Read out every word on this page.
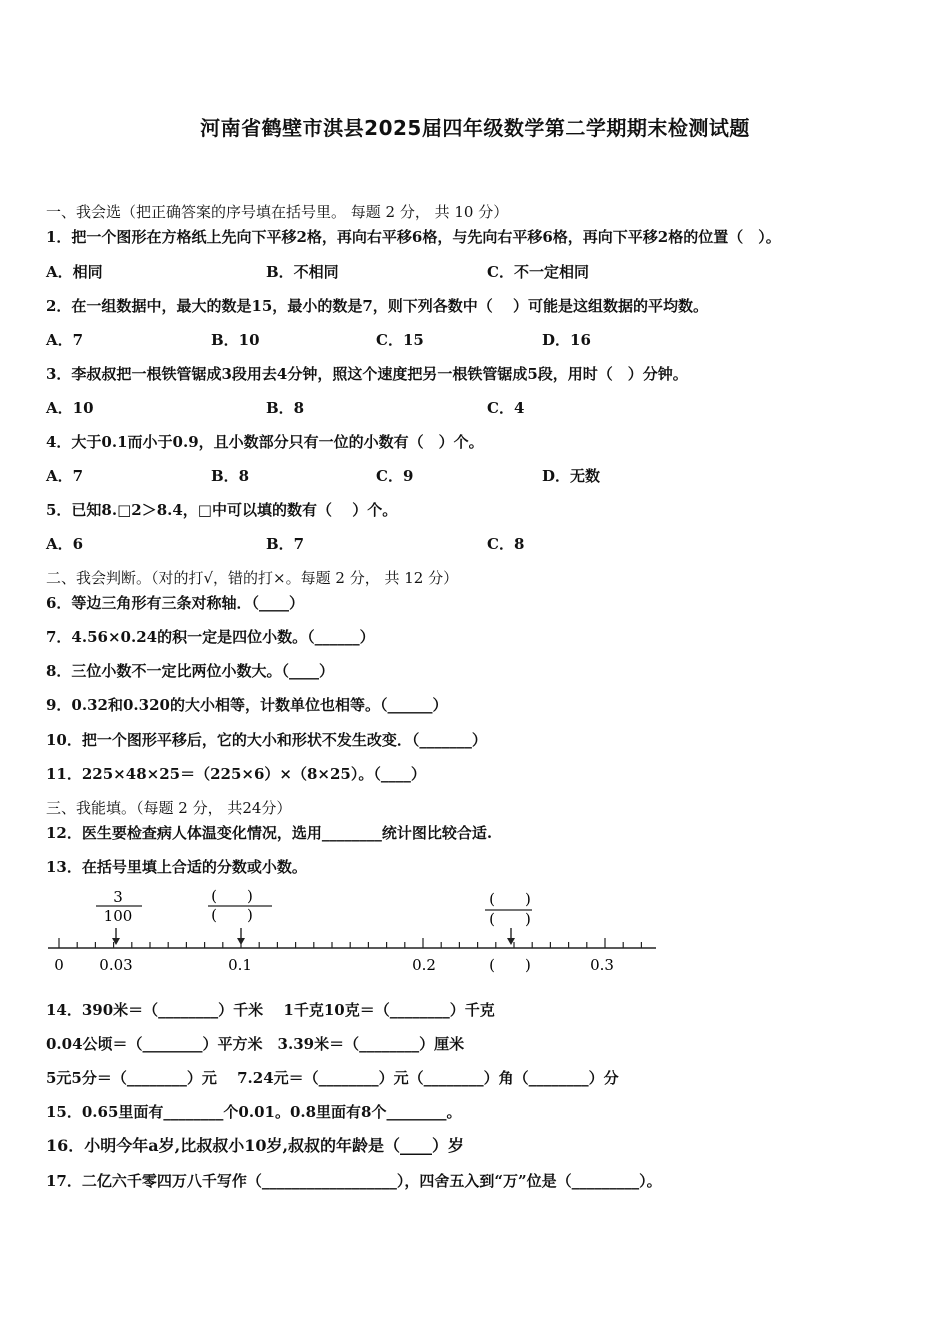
河南省鹤壁市淇县2025届四年级数学第二学期期末检测试题
一、我会选（把正确答案的序号填在括号里。 每题 2 分， 共 10 分）
1．把一个图形在方格纸上先向下平移2格，再向右平移6格，与先向右平移6格，再向下平移2格的位置（　）。
A．相同	B．不相同	C．不一定相同
2．在一组数据中，最大的数是15，最小的数是7，则下列各数中（　 ）可能是这组数据的平均数。
A．7	B．10	C．15	D．16
3．李叔叔把一根铁管锯成3段用去4分钟，照这个速度把另一根铁管锯成5段，用时（　）分钟。
A．10	B．8	C．4
4．大于0.1而小于0.9，且小数部分只有一位的小数有（　）个。
A．7	B．8	C．9	D．无数
5．已知8.□2＞8.4，□中可以填的数有（　 ）个。
A．6	B．7	C．8
二、我会判断。（对的打√，错的打×。每题 2 分， 共 12 分）
6．等边三角形有三条对称轴．（____）
7．4.56×0.24的积一定是四位小数。（______）
8．三位小数不一定比两位小数大。（____）
9．0.32和0.320的大小相等，计数单位也相等。（______）
10．把一个图形平移后，它的大小和形状不发生改变．（_______）
11．225×48×25＝（225×6）×（8×25）。（____）
三、我能填。（每题 2 分， 共24分）
12．医生要检查病人体温变化情况，选用________统计图比较合适.
13．在括号里填上合适的分数或小数。
3
100
(　　)
(　　)
(　　)
(　　)
0 0.03	0.1	0.2	(　　)	0.3
14．390米＝（________）千米　 1千克10克＝（________）千克
0.04公顷＝（________）平方米　3.39米＝（________）厘米
5元5分＝（________）元　 7.24元＝（________）元（________）角（________）分
15．0.65里面有________个0.01。0.8里面有8个________。
16．小明今年a岁,比叔叔小10岁,叔叔的年龄是（____）岁
17．二亿六千零四万八千写作（__________________），四舍五入到“万”位是（_________）。
